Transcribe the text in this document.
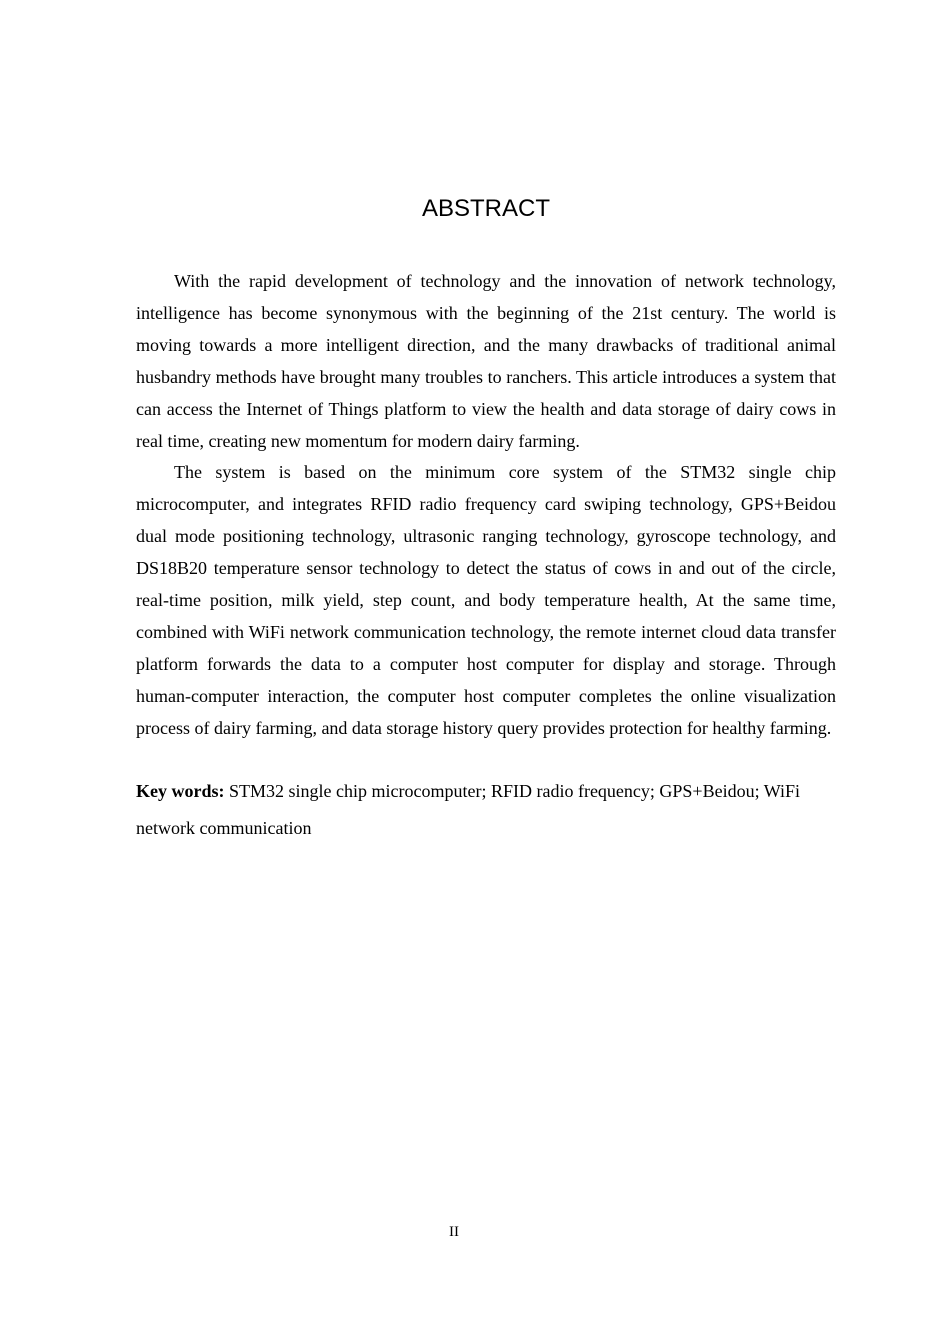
ABSTRACT

With the rapid development of technology and the innovation of network technology, intelligence has become synonymous with the beginning of the 21st century. The world is moving towards a more intelligent direction, and the many drawbacks of traditional animal husbandry methods have brought many troubles to ranchers. This article introduces a system that can access the Internet of Things platform to view the health and data storage of dairy cows in real time, creating new momentum for modern dairy farming.

The system is based on the minimum core system of the STM32 single chip microcomputer, and integrates RFID radio frequency card swiping technology, GPS+Beidou dual mode positioning technology, ultrasonic ranging technology, gyroscope technology, and DS18B20 temperature sensor technology to detect the status of cows in and out of the circle, real-time position, milk yield, step count, and body temperature health, At the same time, combined with WiFi network communication technology, the remote internet cloud data transfer platform forwards the data to a computer host computer for display and storage. Through human-computer interaction, the computer host computer completes the online visualization process of dairy farming, and data storage history query provides protection for healthy farming.

Key words: STM32 single chip microcomputer; RFID radio frequency; GPS+Beidou; WiFi network communication

II
